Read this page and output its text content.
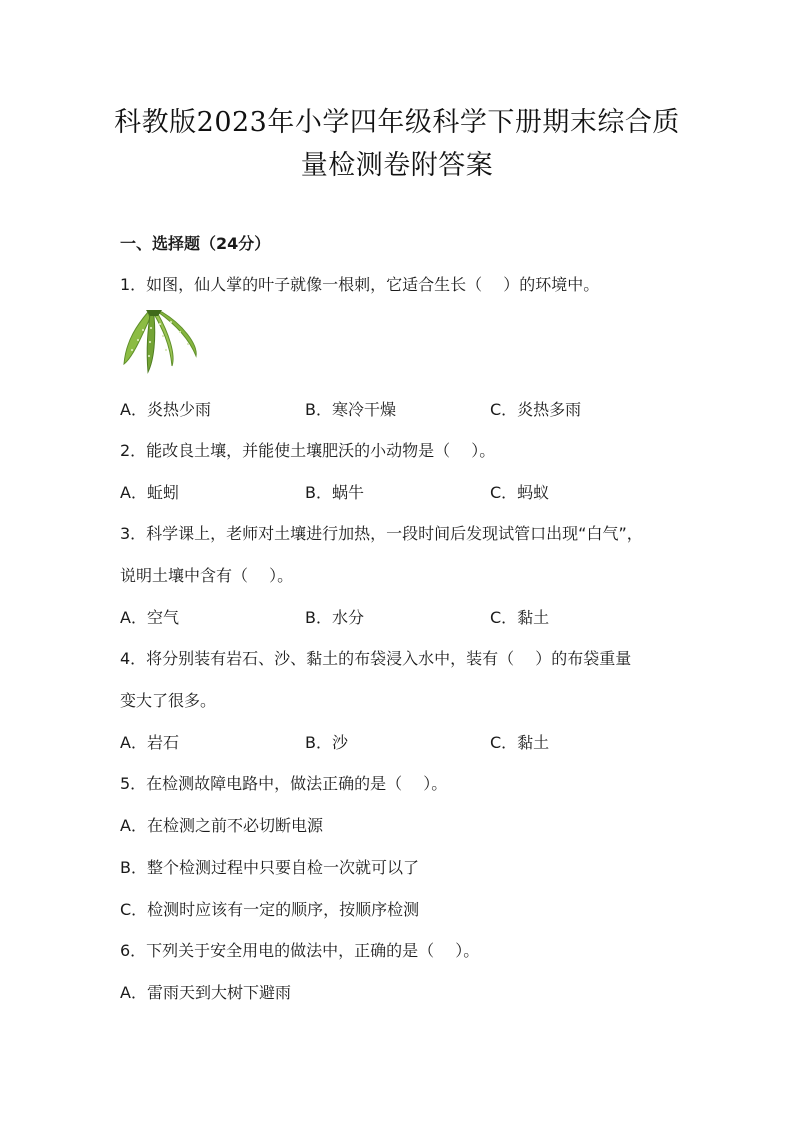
科教版2023年小学四年级科学下册期末综合质
量检测卷附答案
一、选择题（24分）
1．如图，仙人掌的叶子就像一根刺，它适合生长（　 ）的环境中。
A．炎热少雨	B．寒冷干燥	C．炎热多雨
2．能改良土壤，并能使土壤肥沃的小动物是（　 ）。
A．蚯蚓	B．蜗牛	C．蚂蚁
3．科学课上，老师对土壤进行加热，一段时间后发现试管口出现“白气”，
说明土壤中含有（　 ）。
A．空气	B．水分	C．黏土
4．将分别装有岩石、沙、黏土的布袋浸入水中，装有（　 ）的布袋重量
变大了很多。
A．岩石	B．沙	C．黏土
5．在检测故障电路中，做法正确的是（　 ）。
A．在检测之前不必切断电源
B．整个检测过程中只要自检一次就可以了
C．检测时应该有一定的顺序，按顺序检测
6．下列关于安全用电的做法中，正确的是（　 ）。
A．雷雨天到大树下避雨
